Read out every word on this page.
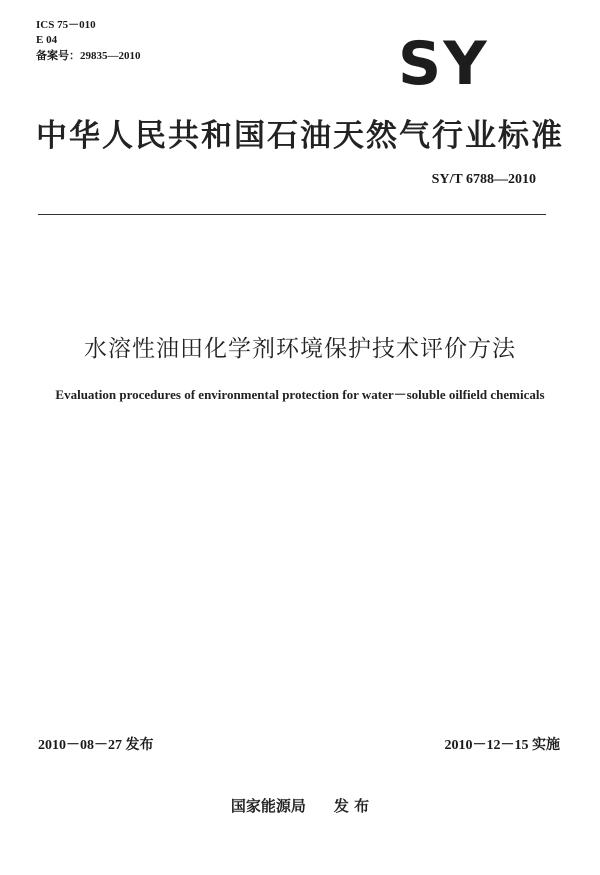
ICS 75－010
E 04
备案号：29835—2010	SY
中华人民共和国石油天然气行业标准
SY/T 6788—2010
水溶性油田化学剂环境保护技术评价方法
Evaluation procedures of environmental protection for water－soluble oilfield chemicals
2010－08－27 发布	2010－12－15 实施
国家能源局 发 布
